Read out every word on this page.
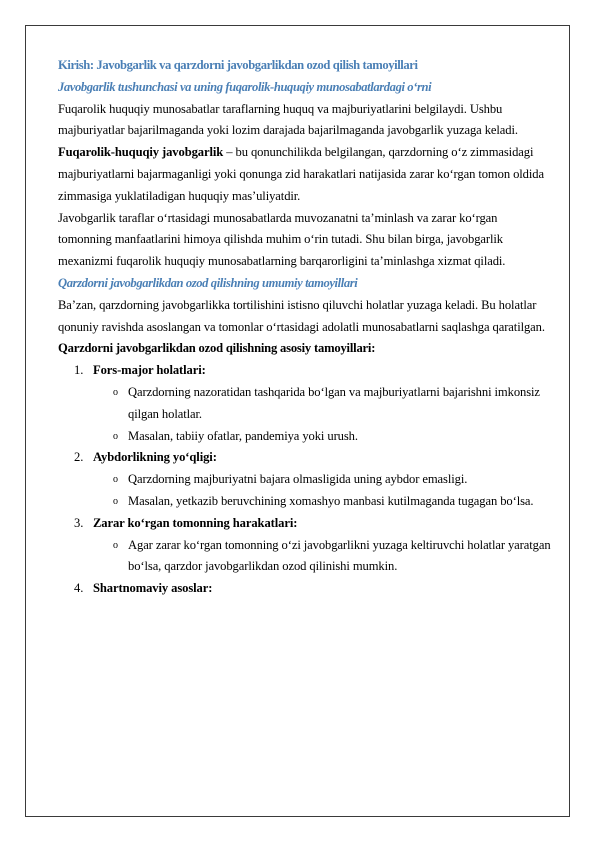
Kirish: Javobgarlik va qarzdorni javobgarlikdan ozod qilish tamoyillari

Javobgarlik tushunchasi va uning fuqarolik-huquqiy munosabatlardagi o‘rni

Fuqarolik huquqiy munosabatlar taraflarning huquq va majburiyatlarini belgilaydi. Ushbu majburiyatlar bajarilmaganda yoki lozim darajada bajarilmaganda javobgarlik yuzaga keladi. Fuqarolik-huquqiy javobgarlik – bu qonunchilikda belgilangan, qarzdorning o‘z zimmasidagi majburiyatlarni bajarmaganligi yoki qonunga zid harakatlari natijasida zarar ko‘rgan tomon oldida zimmasiga yuklatiladigan huquqiy mas’uliyatdir.

Javobgarlik taraflar o‘rtasidagi munosabatlarda muvozanatni ta’minlash va zarar ko‘rgan tomonning manfaatlarini himoya qilishda muhim o‘rin tutadi. Shu bilan birga, javobgarlik mexanizmi fuqarolik huquqiy munosabatlarning barqarorligini ta’minlashga xizmat qiladi.

Qarzdorni javobgarlikdan ozod qilishning umumiy tamoyillari

Ba’zan, qarzdorning javobgarlikka tortilishini istisno qiluvchi holatlar yuzaga keladi. Bu holatlar qonuniy ravishda asoslangan va tomonlar o‘rtasidagi adolatli munosabatlarni saqlashga qaratilgan.

Qarzdorni javobgarlikdan ozod qilishning asosiy tamoyillari:

1. Fors-major holatlari:
o Qarzdorning nazoratidan tashqarida bo‘lgan va majburiyatlarni bajarishni imkonsiz qilgan holatlar.
o Masalan, tabiiy ofatlar, pandemiya yoki urush.
2. Aybdorlikning yo‘qligi:
o Qarzdorning majburiyatni bajara olmasligida uning aybdor emasligi.
o Masalan, yetkazib beruvchining xomashyo manbasi kutilmaganda tugagan bo‘lsa.
3. Zarar ko‘rgan tomonning harakatlari:
o Agar zarar ko‘rgan tomonning o‘zi javobgarlikni yuzaga keltiruvchi holatlar yaratgan bo‘lsa, qarzdor javobgarlikdan ozod qilinishi mumkin.
4. Shartnomaviy asoslar:
